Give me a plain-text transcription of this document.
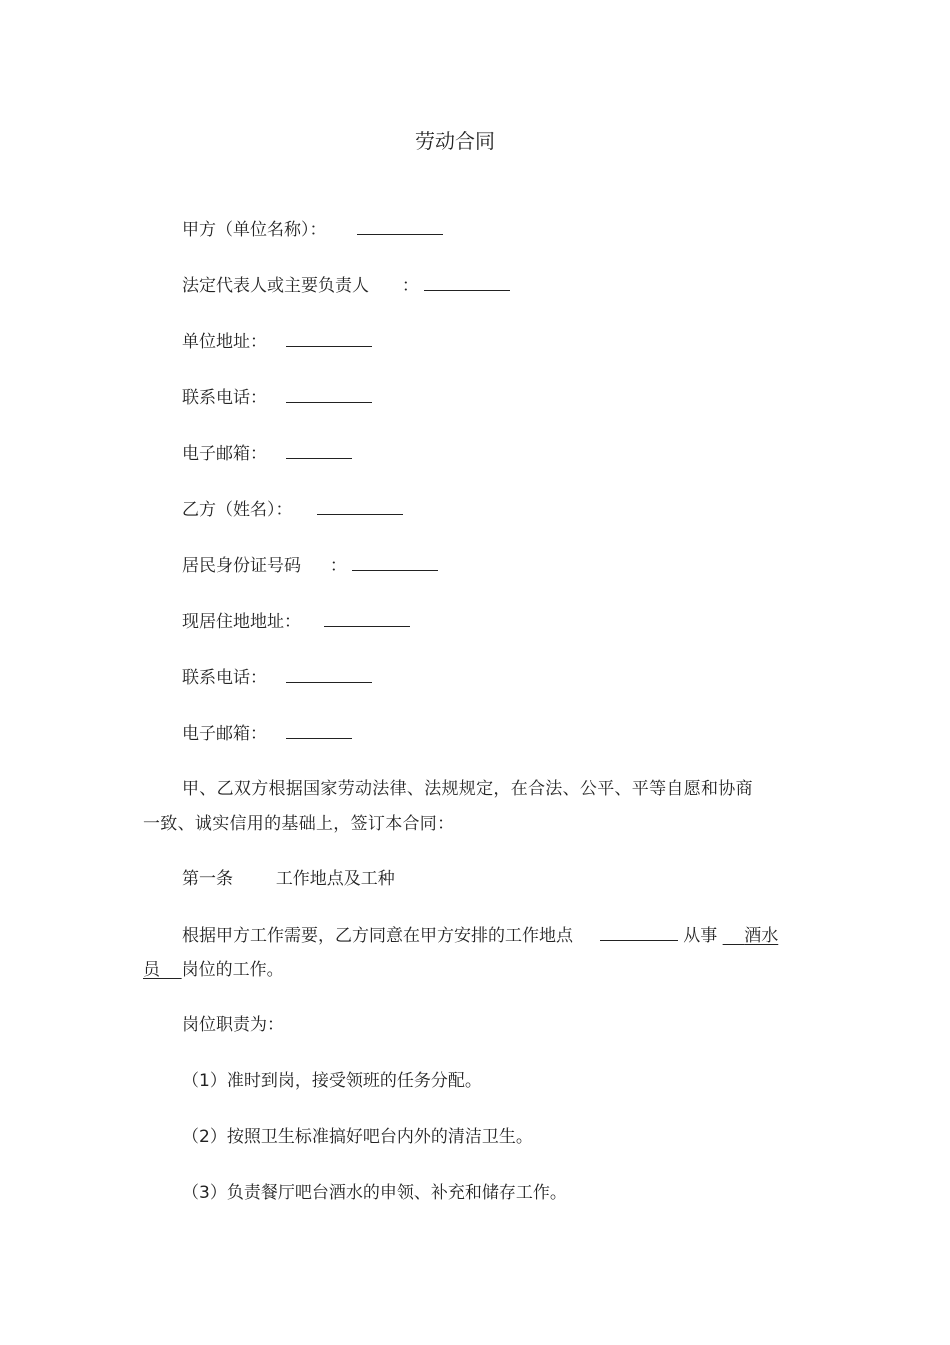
劳动合同
甲方（单位名称）：
法定代表人或主要负责人 ：
单位地址：
联系电话：
电子邮箱：
乙方（姓名）：
居民身份证号码 ：
现居住地地址：
联系电话：
电子邮箱：
甲、乙双方根据国家劳动法律、法规规定，在合法、公平、平等自愿和协商
一致、诚实信用的基础上，签订本合同：
第一条	工作地点及工种
根据甲方工作需要，乙方同意在甲方安排的工作地点	从事 酒水
员 岗位的工作。
岗位职责为：
（1）准时到岗，接受领班的任务分配。
（2）按照卫生标准搞好吧台内外的清洁卫生。
（3）负责餐厅吧台酒水的申领、补充和储存工作。
